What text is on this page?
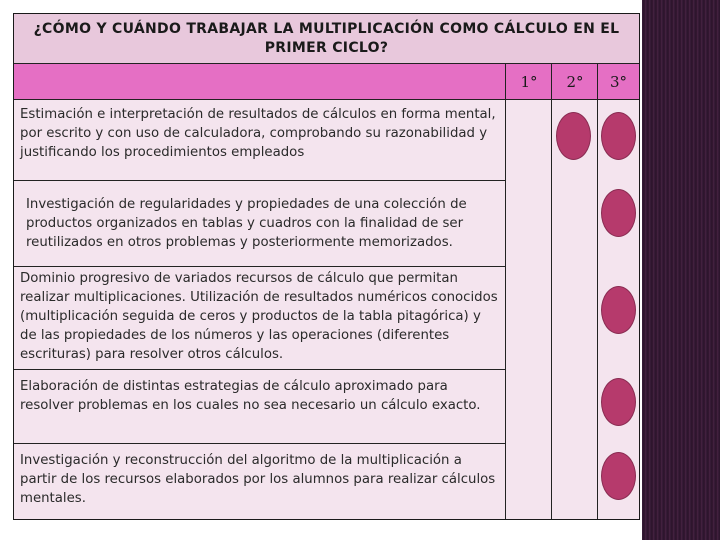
¿CÓMO Y CUÁNDO TRABAJAR LA MULTIPLICACIÓN COMO CÁLCULO EN EL PRIMER CICLO?
1°	2°	3°
Estimación e interpretación de resultados de cálculos en forma mental, por escrito y con uso de calculadora, comprobando su razonabilidad y justificando los procedimientos empleados
Investigación de regularidades y propiedades de una colección de productos organizados en tablas y cuadros con la finalidad de ser reutilizados en otros problemas y posteriormente memorizados.
Dominio progresivo de variados recursos de cálculo que permitan realizar multiplicaciones. Utilización de resultados numéricos conocidos (multiplicación seguida de ceros y productos de la tabla pitagórica) y de las propiedades de los números y las operaciones (diferentes escrituras) para resolver otros cálculos.
Elaboración de distintas estrategias de cálculo aproximado para resolver problemas en los cuales no sea necesario un cálculo exacto.
Investigación y reconstrucción del algoritmo de la multiplicación a partir de los recursos elaborados por los alumnos para realizar cálculos mentales.
